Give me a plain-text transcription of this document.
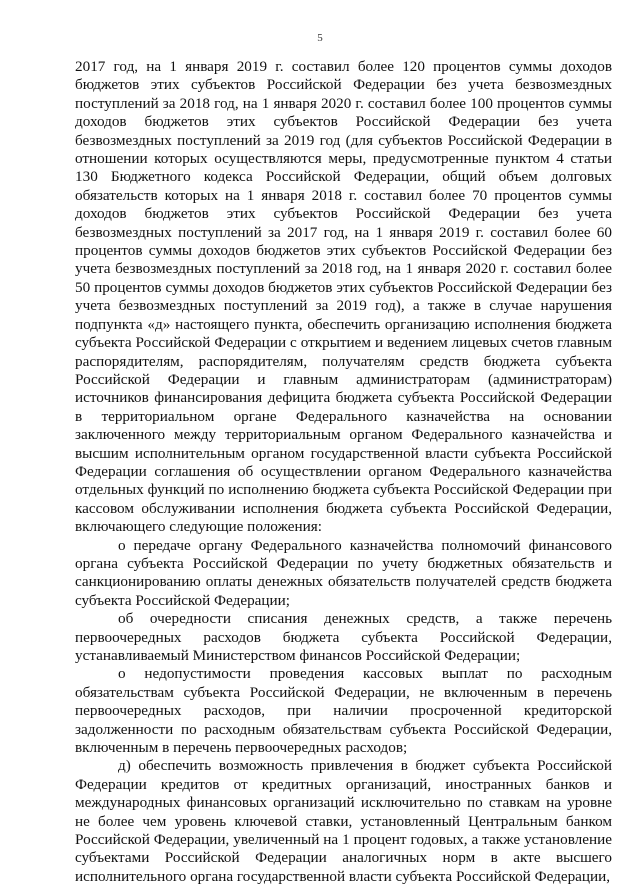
5

2017 год, на 1 января 2019 г. составил более 120 процентов суммы доходов бюджетов этих субъектов Российской Федерации без учета безвозмездных поступлений за 2018 год, на 1 января 2020 г. составил более 100 процентов суммы доходов бюджетов этих субъектов Российской Федерации без учета безвозмездных поступлений за 2019 год (для субъектов Российской Федерации в отношении которых осуществляются меры, предусмотренные пунктом 4 статьи 130 Бюджетного кодекса Российской Федерации, общий объем долговых обязательств которых на 1 января 2018 г. составил более 70 процентов суммы доходов бюджетов этих субъектов Российской Федерации без учета безвозмездных поступлений за 2017 год, на 1 января 2019 г. составил более 60 процентов суммы доходов бюджетов этих субъектов Российской Федерации без учета безвозмездных поступлений за 2018 год, на 1 января 2020 г. составил более 50 процентов суммы доходов бюджетов этих субъектов Российской Федерации без учета безвозмездных поступлений за 2019 год), а также в случае нарушения подпункта «д» настоящего пункта, обеспечить организацию исполнения бюджета субъекта Российской Федерации с открытием и ведением лицевых счетов главным распорядителям, распорядителям, получателям средств бюджета субъекта Российской Федерации и главным администраторам (администраторам) источников финансирования дефицита бюджета субъекта Российской Федерации в территориальном органе Федерального казначейства на основании заключенного между территориальным органом Федерального казначейства и высшим исполнительным органом государственной власти субъекта Российской Федерации соглашения об осуществлении органом Федерального казначейства отдельных функций по исполнению бюджета субъекта Российской Федерации при кассовом обслуживании исполнения бюджета субъекта Российской Федерации, включающего следующие положения:

о передаче органу Федерального казначейства полномочий финансового органа субъекта Российской Федерации по учету бюджетных обязательств и санкционированию оплаты денежных обязательств получателей средств бюджета субъекта Российской Федерации;

об очередности списания денежных средств, а также перечень первоочередных расходов бюджета субъекта Российской Федерации, устанавливаемый Министерством финансов Российской Федерации;

о недопустимости проведения кассовых выплат по расходным обязательствам субъекта Российской Федерации, не включенным в перечень первоочередных расходов, при наличии просроченной кредиторской задолженности по расходным обязательствам субъекта Российской Федерации, включенным в перечень первоочередных расходов;

д) обеспечить возможность привлечения в бюджет субъекта Российской Федерации кредитов от кредитных организаций, иностранных банков и международных финансовых организаций исключительно по ставкам на уровне не более чем уровень ключевой ставки, установленный Центральным банком Российской Федерации, увеличенный на 1 процент годовых, а также установление субъектами Российской Федерации аналогичных норм в акте высшего исполнительного органа государственной власти субъекта Российской Федерации,
